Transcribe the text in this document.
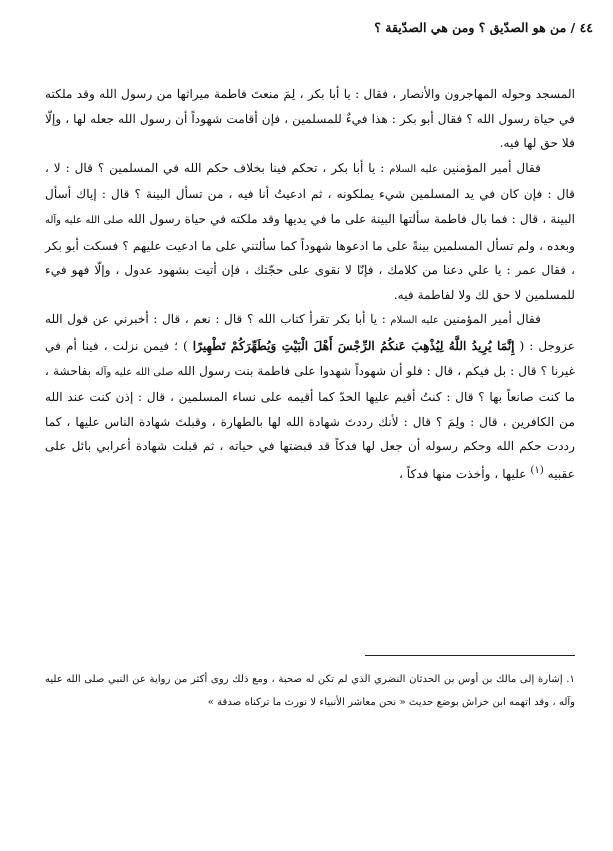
٤٤ / من هو الصدّيق ؟ ومن هي الصدّيقة ؟

المسجد وحوله المهاجرون والأنصار ، فقال : يا أبا بكر ، لِمَ منعتَ فاطمة ميراثها من رسول الله وقد ملكته في حياة رسول الله ؟ فقال أبو بكر : هذا فيءٌ للمسلمين ، فإن أقامت شهوداً أن رسول الله جعله لها ، وإلّا فلا حق لها فيه.

فقال أمير المؤمنين عليه السلام : يا أبا بكر ، تحكم فينا بخلاف حكم الله في المسلمين ؟ قال : لا ، قال : فإن كان في يد المسلمين شيء يملكونه ، ثم ادعيتُ أنا فيه ، من تسأل البينة ؟ قال : إياك أسأل البينة ، قال : فما بال فاطمة سألتها البينة على ما في يديها وقد ملكته في حياة رسول الله صلى الله عليه وآله وبعده ، ولم تسأل المسلمين بينةً على ما ادعوها شهوداً كما سألتني على ما ادعيت عليهم ؟ فسكت أبو بكر ، فقال عمر : يا علي دعنا من كلامك ، فإنّا لا نقوى على حجّتك ، فإن أتيت بشهود عدول ، وإلّا فهو فيء للمسلمين لا حق لك ولا لفاطمة فيه.

فقال أمير المؤمنين عليه السلام : يا أبا بكر تقرأ كتاب الله ؟ قال : نعم ، قال : أخبرني عن قول الله عزوجل : ( إِنَّمَا يُرِيدُ اللَّهُ لِيُذْهِبَ عَنكُمُ الرِّجْسَ أَهْلَ الْبَيْتِ وَيُطَهِّرَكُمْ تَطْهِيرًا ) ؛ فيمن نزلت ، فينا أم في غيرنا ؟ قال : بل فيكم ، قال : فلو أن شهوداً شهدوا على فاطمة بنت رسول الله صلى الله عليه وآله بفاحشة ، ما كنت صانعاً بها ؟ قال : كنتُ أقيم عليها الحدّ كما أقيمه على نساء المسلمين ، قال : إذن كنت عند الله من الكافرين ، قال : ولِمَ ؟ قال : لأنك رددتَ شهادة الله لها بالطهارة ، وقبلتَ شهادة الناس عليها ، كما رددت حكم الله وحكم رسوله أن جعل لها فدكاً قد قبضتها في حياته ، ثم قبلت شهادة أعرابي بائل على عقبيه $^{(١)}$ عليها ، وأخذت منها فدكاً ،

١. إشارة إلى مالك بن أوس بن الحدثان النضري الذي لم تكن له صحبة ، ومع ذلك روى أكثر من رواية عن النبي صلى الله عليه وآله ، وقد اتهمه ابن خراش بوضع حديث « نحن معاشر الأنبياء لا نورث ما تركناه صدقة »
